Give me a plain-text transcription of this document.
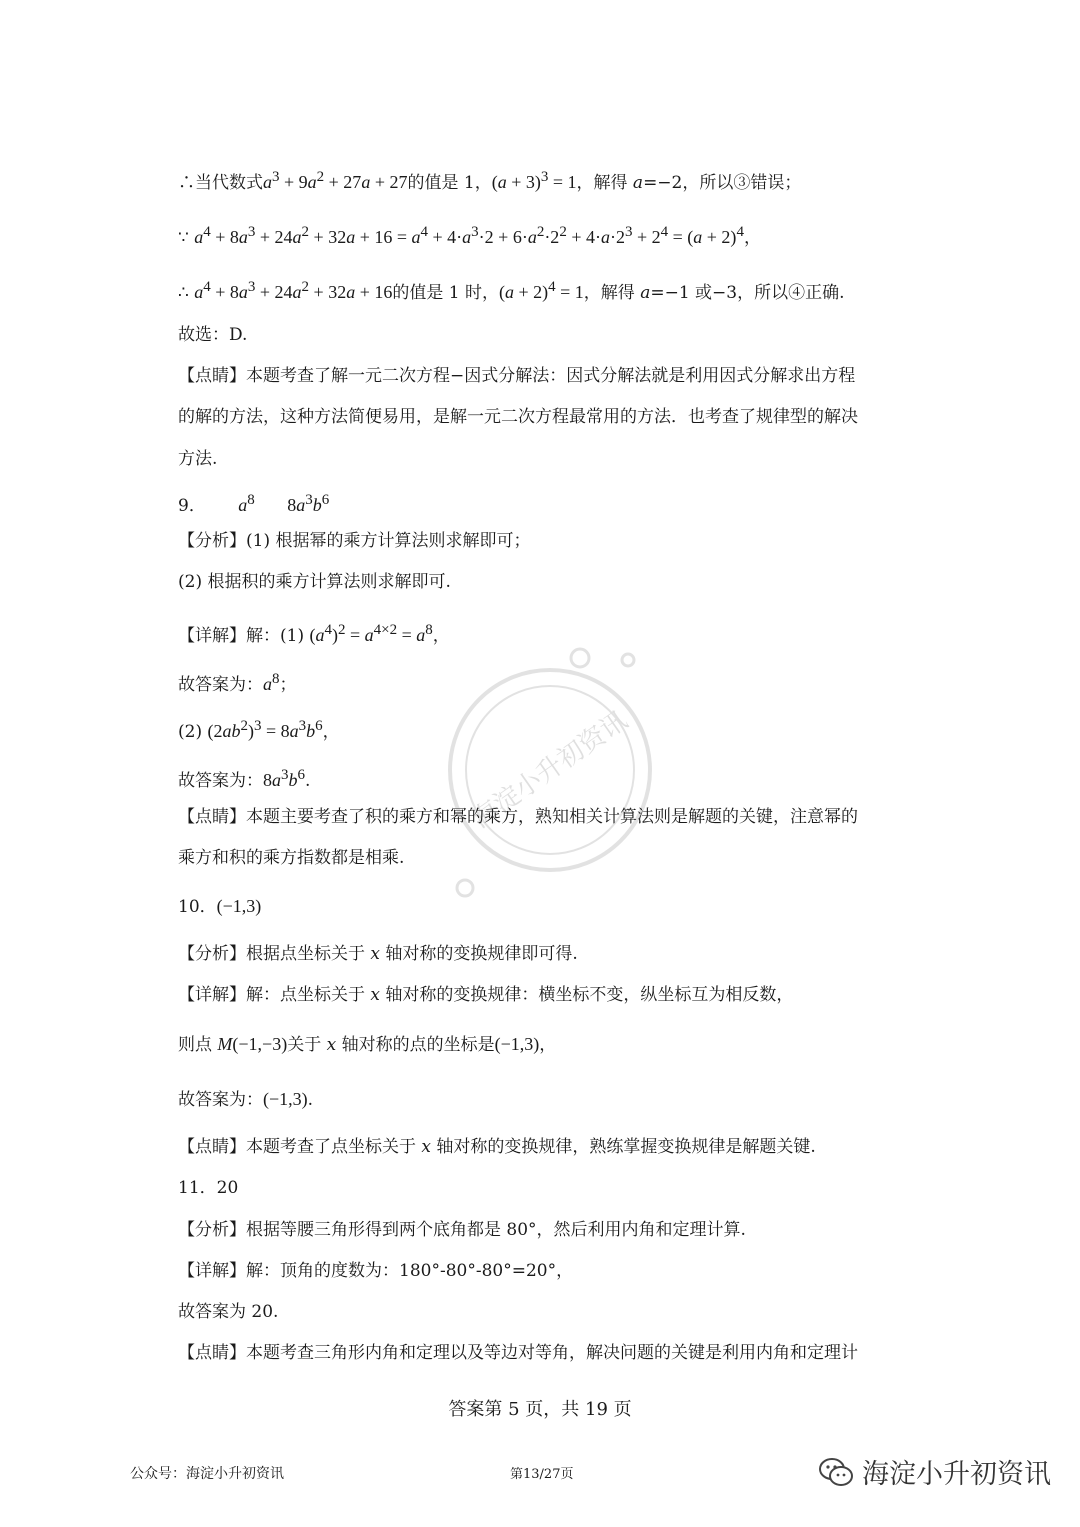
∴当代数式$a^3 + 9a^2 + 27a + 27$的值是 1，$(a + 3)^3 = 1$，解得 a=−2，所以③错误；
∵ $a^4 + 8a^3 + 24a^2 + 32a + 16 = a^4 + 4\cdot a^3\cdot 2 + 6\cdot a^2\cdot 2^2 + 4\cdot a\cdot 2^3 + 2^4 = (a + 2)^4$，
∴ $a^4 + 8a^3 + 24a^2 + 32a + 16$的值是 1 时，$(a + 2)^4 = 1$，解得 a=−1 或−3，所以④正确.
故选：D.
【点睛】本题考查了解一元二次方程−因式分解法：因式分解法就是利用因式分解求出方程
的解的方法，这种方法简便易用，是解一元二次方程最常用的方法．也考查了规律型的解决
方法.
9．      $a^8$ $8a^3b^6$
【分析】(1) 根据幂的乘方计算法则求解即可；
(2) 根据积的乘方计算法则求解即可.
【详解】解：(1) $(a^4)^2 = a^{4\times 2} = a^8$，
故答案为：$a^8$；
(2) $(2ab^2)^3 = 8a^3b^6$，
故答案为：$8a^3b^6$.
【点睛】本题主要考查了积的乘方和幂的乘方，熟知相关计算法则是解题的关键，注意幂的
乘方和积的乘方指数都是相乘.
10．(−1,3)
【分析】根据点坐标关于 x 轴对称的变换规律即可得.
【详解】解：点坐标关于 x 轴对称的变换规律：横坐标不变，纵坐标互为相反数，
则点 M(−1,−3)关于 x 轴对称的点的坐标是(−1,3)，
故答案为：(−1,3).
【点睛】本题考查了点坐标关于 x 轴对称的变换规律，熟练掌握变换规律是解题关键.
11．20
【分析】根据等腰三角形得到两个底角都是 80°，然后利用内角和定理计算.
【详解】解：顶角的度数为：180°-80°-80°=20°，
故答案为 20.
【点睛】本题考查三角形内角和定理以及等边对等角，解决问题的关键是利用内角和定理计
海淀小升初资讯
答案第 5 页，共 19 页
公众号：海淀小升初资讯	第13/27页	海淀小升初资讯
